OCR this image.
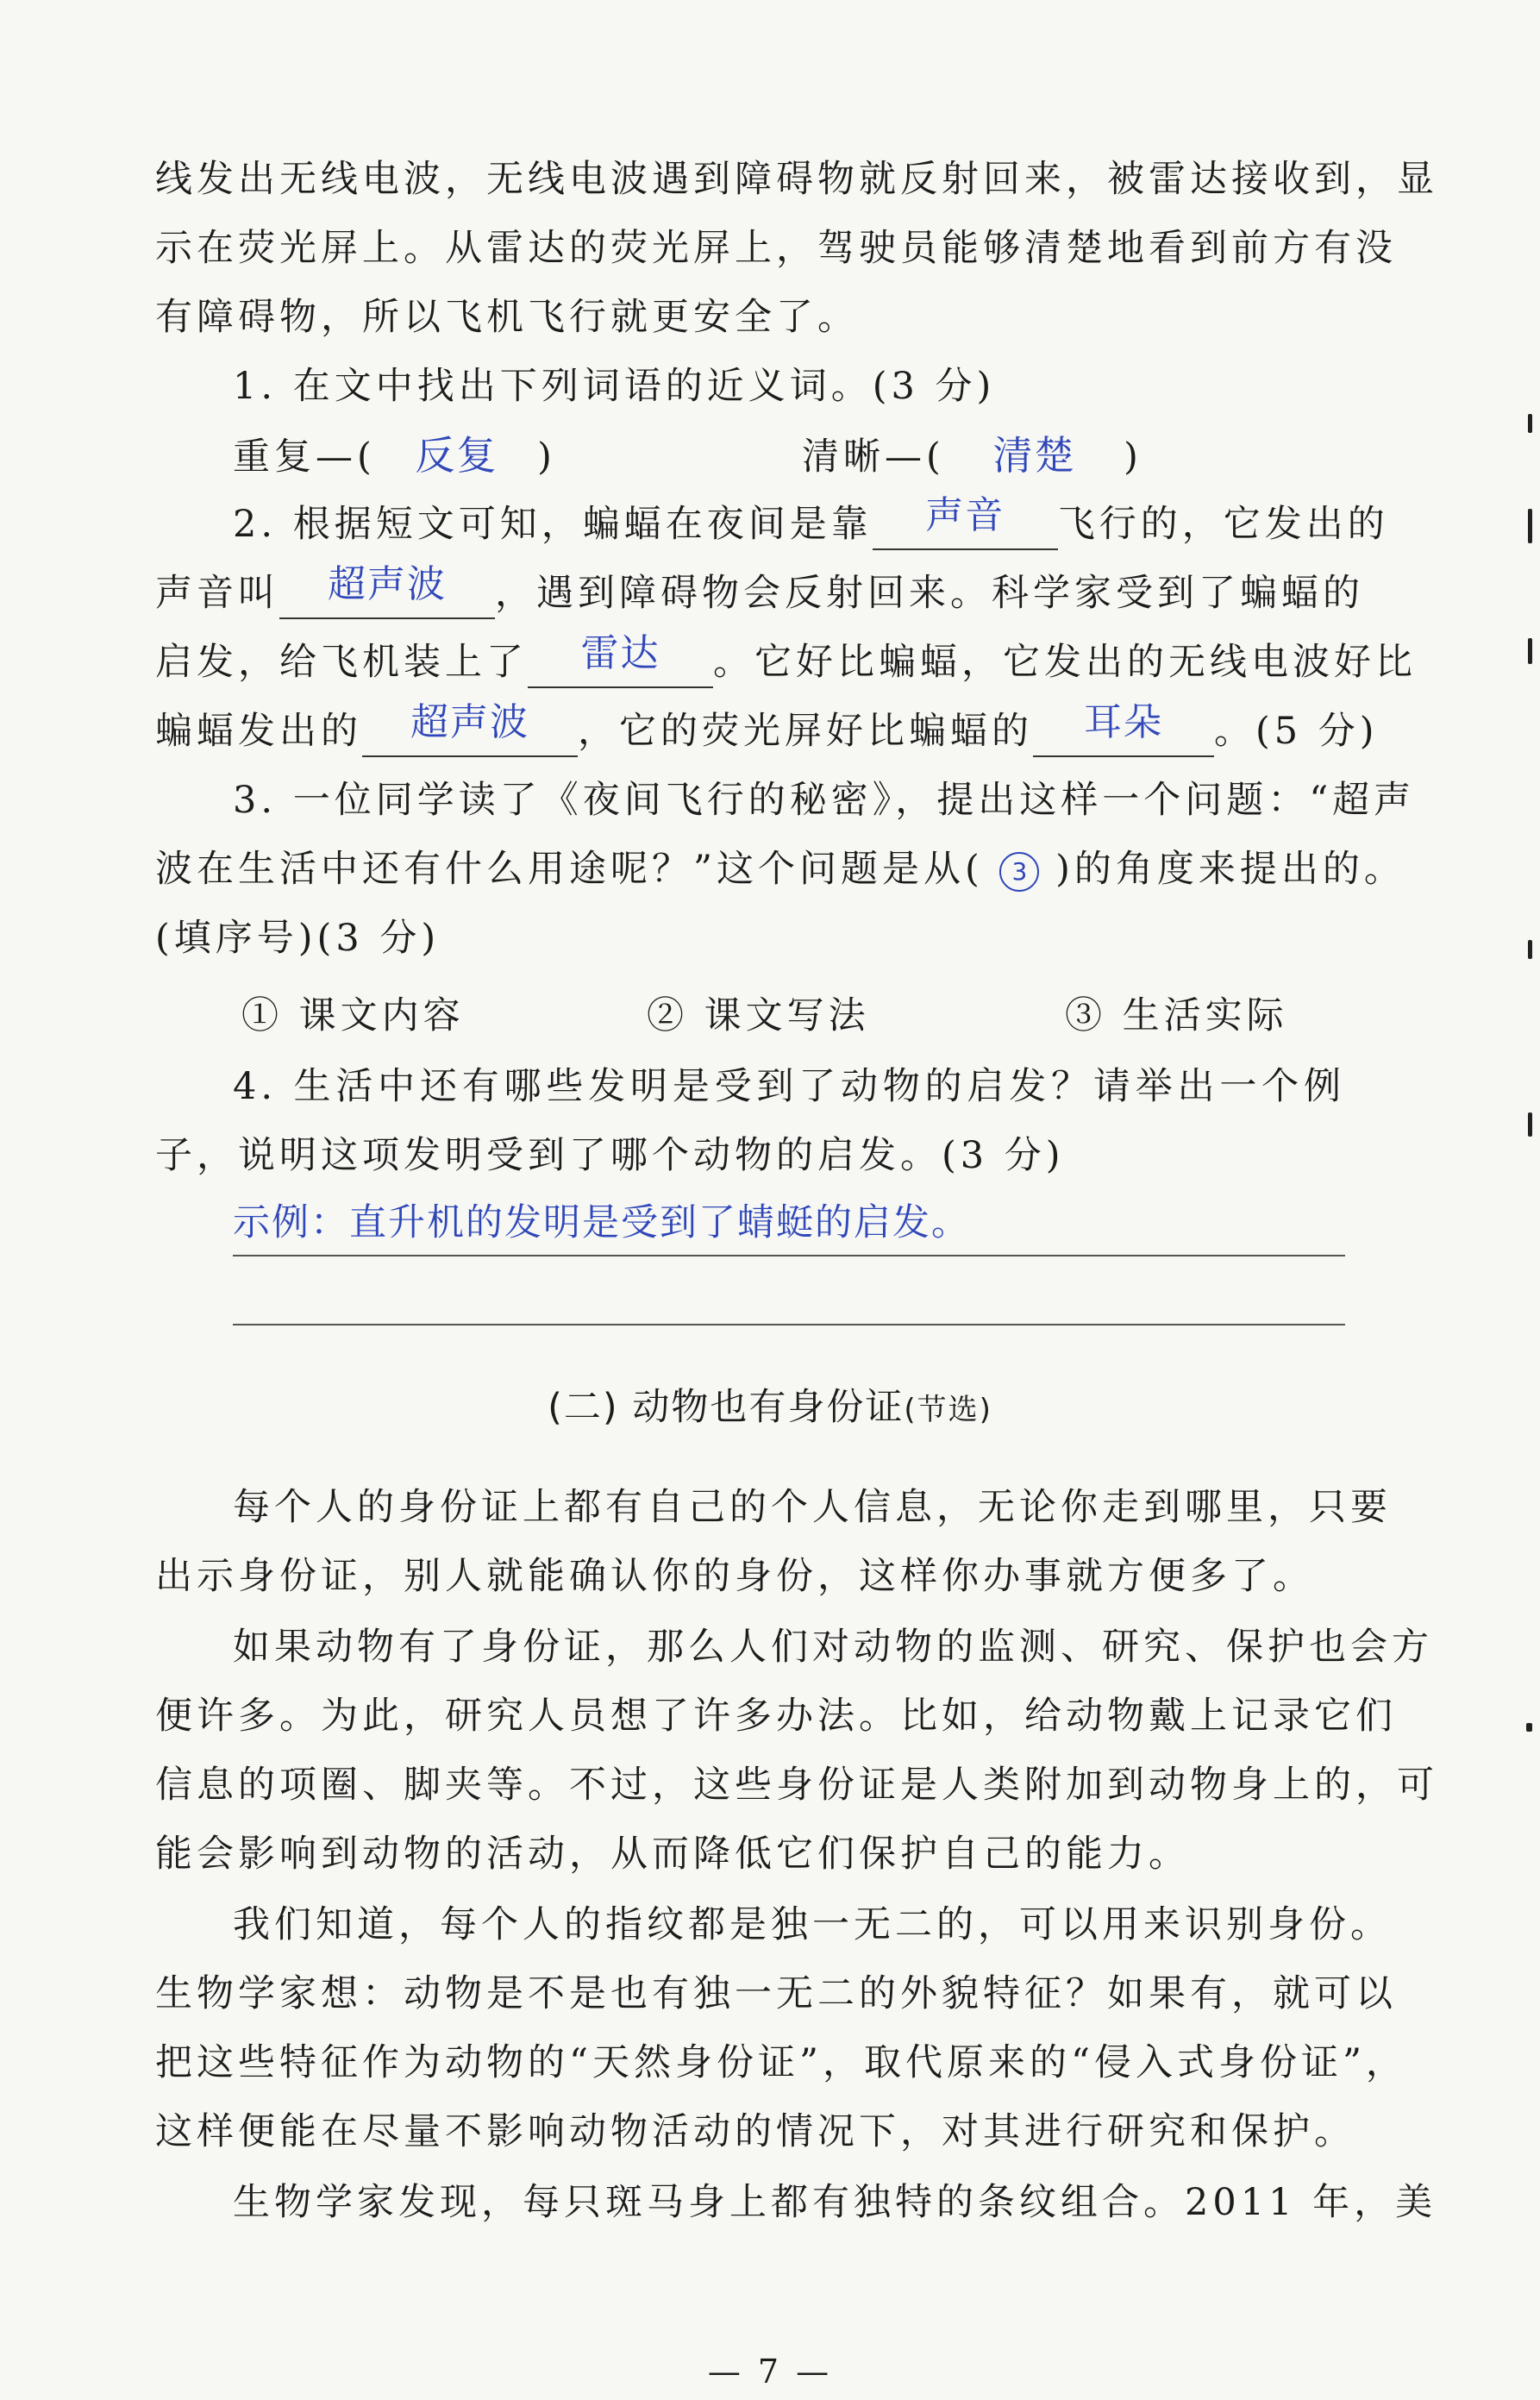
线发出无线电波，无线电波遇到障碍物就反射回来，被雷达接收到，显
示在荧光屏上。从雷达的荧光屏上，驾驶员能够清楚地看到前方有没
有障碍物，所以飞机飞行就更安全了。
1. 在文中找出下列词语的近义词。(3 分)
重复—( 反复 )	清晰—( 清楚 )
2. 根据短文可知，蝙蝠在夜间是靠	声音	飞行的，它发出的
声音叫	超声波	，遇到障碍物会反射回来。科学家受到了蝙蝠的
启发，给飞机装上了	雷达	。它好比蝙蝠，它发出的无线电波好比
蝙蝠发出的	超声波	，它的荧光屏好比蝙蝠的	耳朵	。(5 分)
3. 一位同学读了《夜间飞行的秘密》，提出这样一个问题：“超声
波在生活中还有什么用途呢？”这个问题是从( 3 )的角度来提出的。
(填序号)(3 分)
① 课文内容	② 课文写法	③ 生活实际
4. 生活中还有哪些发明是受到了动物的启发？请举出一个例
子，说明这项发明受到了哪个动物的启发。(3 分)
示例：直升机的发明是受到了蜻蜓的启发。
(二) 动物也有身份证(节选)
每个人的身份证上都有自己的个人信息，无论你走到哪里，只要
出示身份证，别人就能确认你的身份，这样你办事就方便多了。
如果动物有了身份证，那么人们对动物的监测、研究、保护也会方
便许多。为此，研究人员想了许多办法。比如，给动物戴上记录它们
信息的项圈、脚夹等。不过，这些身份证是人类附加到动物身上的，可
能会影响到动物的活动，从而降低它们保护自己的能力。
我们知道，每个人的指纹都是独一无二的，可以用来识别身份。
生物学家想：动物是不是也有独一无二的外貌特征？如果有，就可以
把这些特征作为动物的“天然身份证”，取代原来的“侵入式身份证”，
这样便能在尽量不影响动物活动的情况下，对其进行研究和保护。
生物学家发现，每只斑马身上都有独特的条纹组合。2011 年，美
— 7 —
